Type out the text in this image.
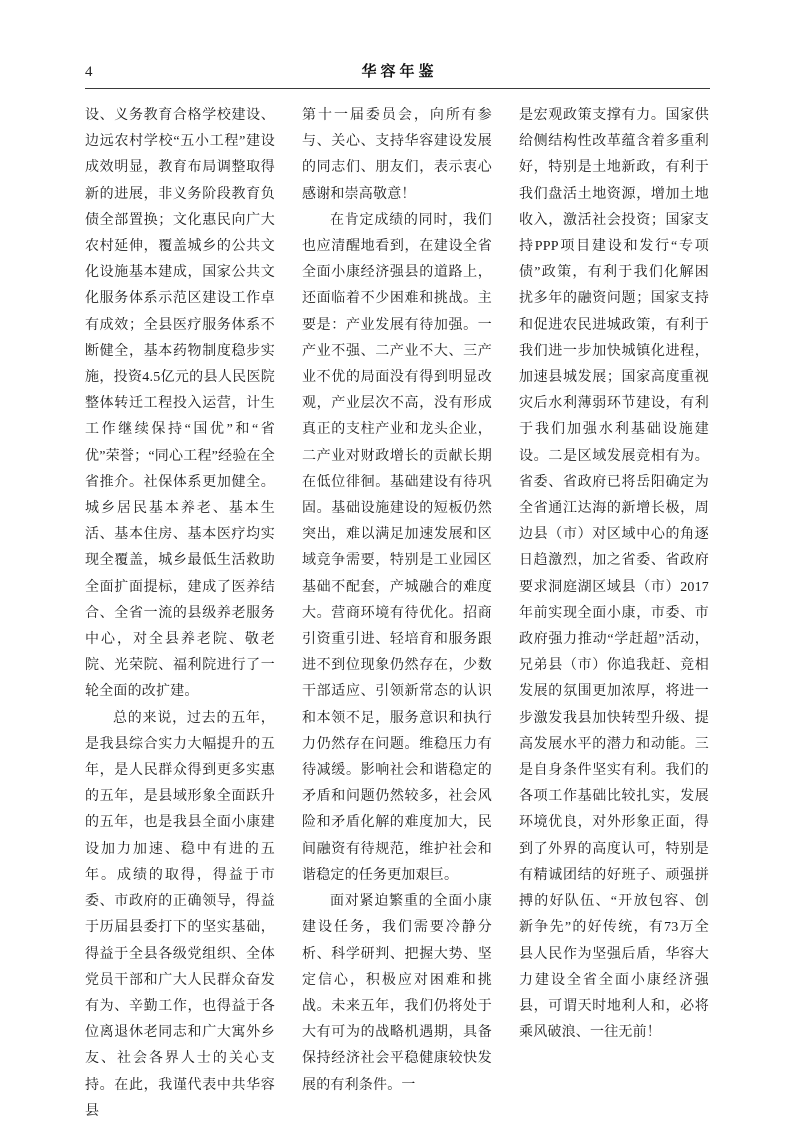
4	华容年鉴

设、义务教育合格学校建设、边远农村学校“五小工程”建设成效明显，教育布局调整取得新的进展，非义务阶段教育负债全部置换；文化惠民向广大农村延伸，覆盖城乡的公共文化设施基本建成，国家公共文化服务体系示范区建设工作卓有成效；全县医疗服务体系不断健全，基本药物制度稳步实施，投资4.5亿元的县人民医院整体转迁工程投入运营，计生工作继续保持“国优”和“省优”荣誉；“同心工程”经验在全省推介。社保体系更加健全。城乡居民基本养老、基本生活、基本住房、基本医疗均实现全覆盖，城乡最低生活救助全面扩面提标，建成了医养结合、全省一流的县级养老服务中心，对全县养老院、敬老院、光荣院、福利院进行了一轮全面的改扩建。

总的来说，过去的五年，是我县综合实力大幅提升的五年，是人民群众得到更多实惠的五年，是县域形象全面跃升的五年，也是我县全面小康建设加力加速、稳中有进的五年。成绩的取得，得益于市委、市政府的正确领导，得益于历届县委打下的坚实基础，得益于全县各级党组织、全体党员干部和广大人民群众奋发有为、辛勤工作，也得益于各位离退休老同志和广大寓外乡友、社会各界人士的关心支持。在此，我谨代表中共华容县

第十一届委员会，向所有参与、关心、支持华容建设发展的同志们、朋友们，表示衷心感谢和崇高敬意！

在肯定成绩的同时，我们也应清醒地看到，在建设全省全面小康经济强县的道路上，还面临着不少困难和挑战。主要是：产业发展有待加强。一产业不强、二产业不大、三产业不优的局面没有得到明显改观，产业层次不高，没有形成真正的支柱产业和龙头企业，二产业对财政增长的贡献长期在低位徘徊。基础建设有待巩固。基础设施建设的短板仍然突出，难以满足加速发展和区域竞争需要，特别是工业园区基础不配套，产城融合的难度大。营商环境有待优化。招商引资重引进、轻培育和服务跟进不到位现象仍然存在，少数干部适应、引领新常态的认识和本领不足，服务意识和执行力仍然存在问题。维稳压力有待减缓。影响社会和谐稳定的矛盾和问题仍然较多，社会风险和矛盾化解的难度加大，民间融资有待规范，维护社会和谐稳定的任务更加艰巨。

面对紧迫繁重的全面小康建设任务，我们需要冷静分析、科学研判、把握大势、坚定信心，积极应对困难和挑战。未来五年，我们仍将处于大有可为的战略机遇期，具备保持经济社会平稳健康较快发展的有利条件。一

是宏观政策支撑有力。国家供给侧结构性改革蕴含着多重利好，特别是土地新政，有利于我们盘活土地资源，增加土地收入，激活社会投资；国家支持PPP项目建设和发行“专项债”政策，有利于我们化解困扰多年的融资问题；国家支持和促进农民进城政策，有利于我们进一步加快城镇化进程，加速县城发展；国家高度重视灾后水利薄弱环节建设，有利于我们加强水利基础设施建设。二是区域发展竞相有为。省委、省政府已将岳阳确定为全省通江达海的新增长极，周边县（市）对区域中心的角逐日趋激烈，加之省委、省政府要求洞庭湖区域县（市）2017年前实现全面小康，市委、市政府强力推动“学赶超”活动，兄弟县（市）你追我赶、竞相发展的氛围更加浓厚，将进一步激发我县加快转型升级、提高发展水平的潜力和动能。三是自身条件坚实有利。我们的各项工作基础比较扎实，发展环境优良，对外形象正面，得到了外界的高度认可，特别是有精诚团结的好班子、顽强拼搏的好队伍、“开放包容、创新争先”的好传统，有73万全县人民作为坚强后盾，华容大力建设全省全面小康经济强县，可谓天时地利人和，必将乘风破浪、一往无前！
